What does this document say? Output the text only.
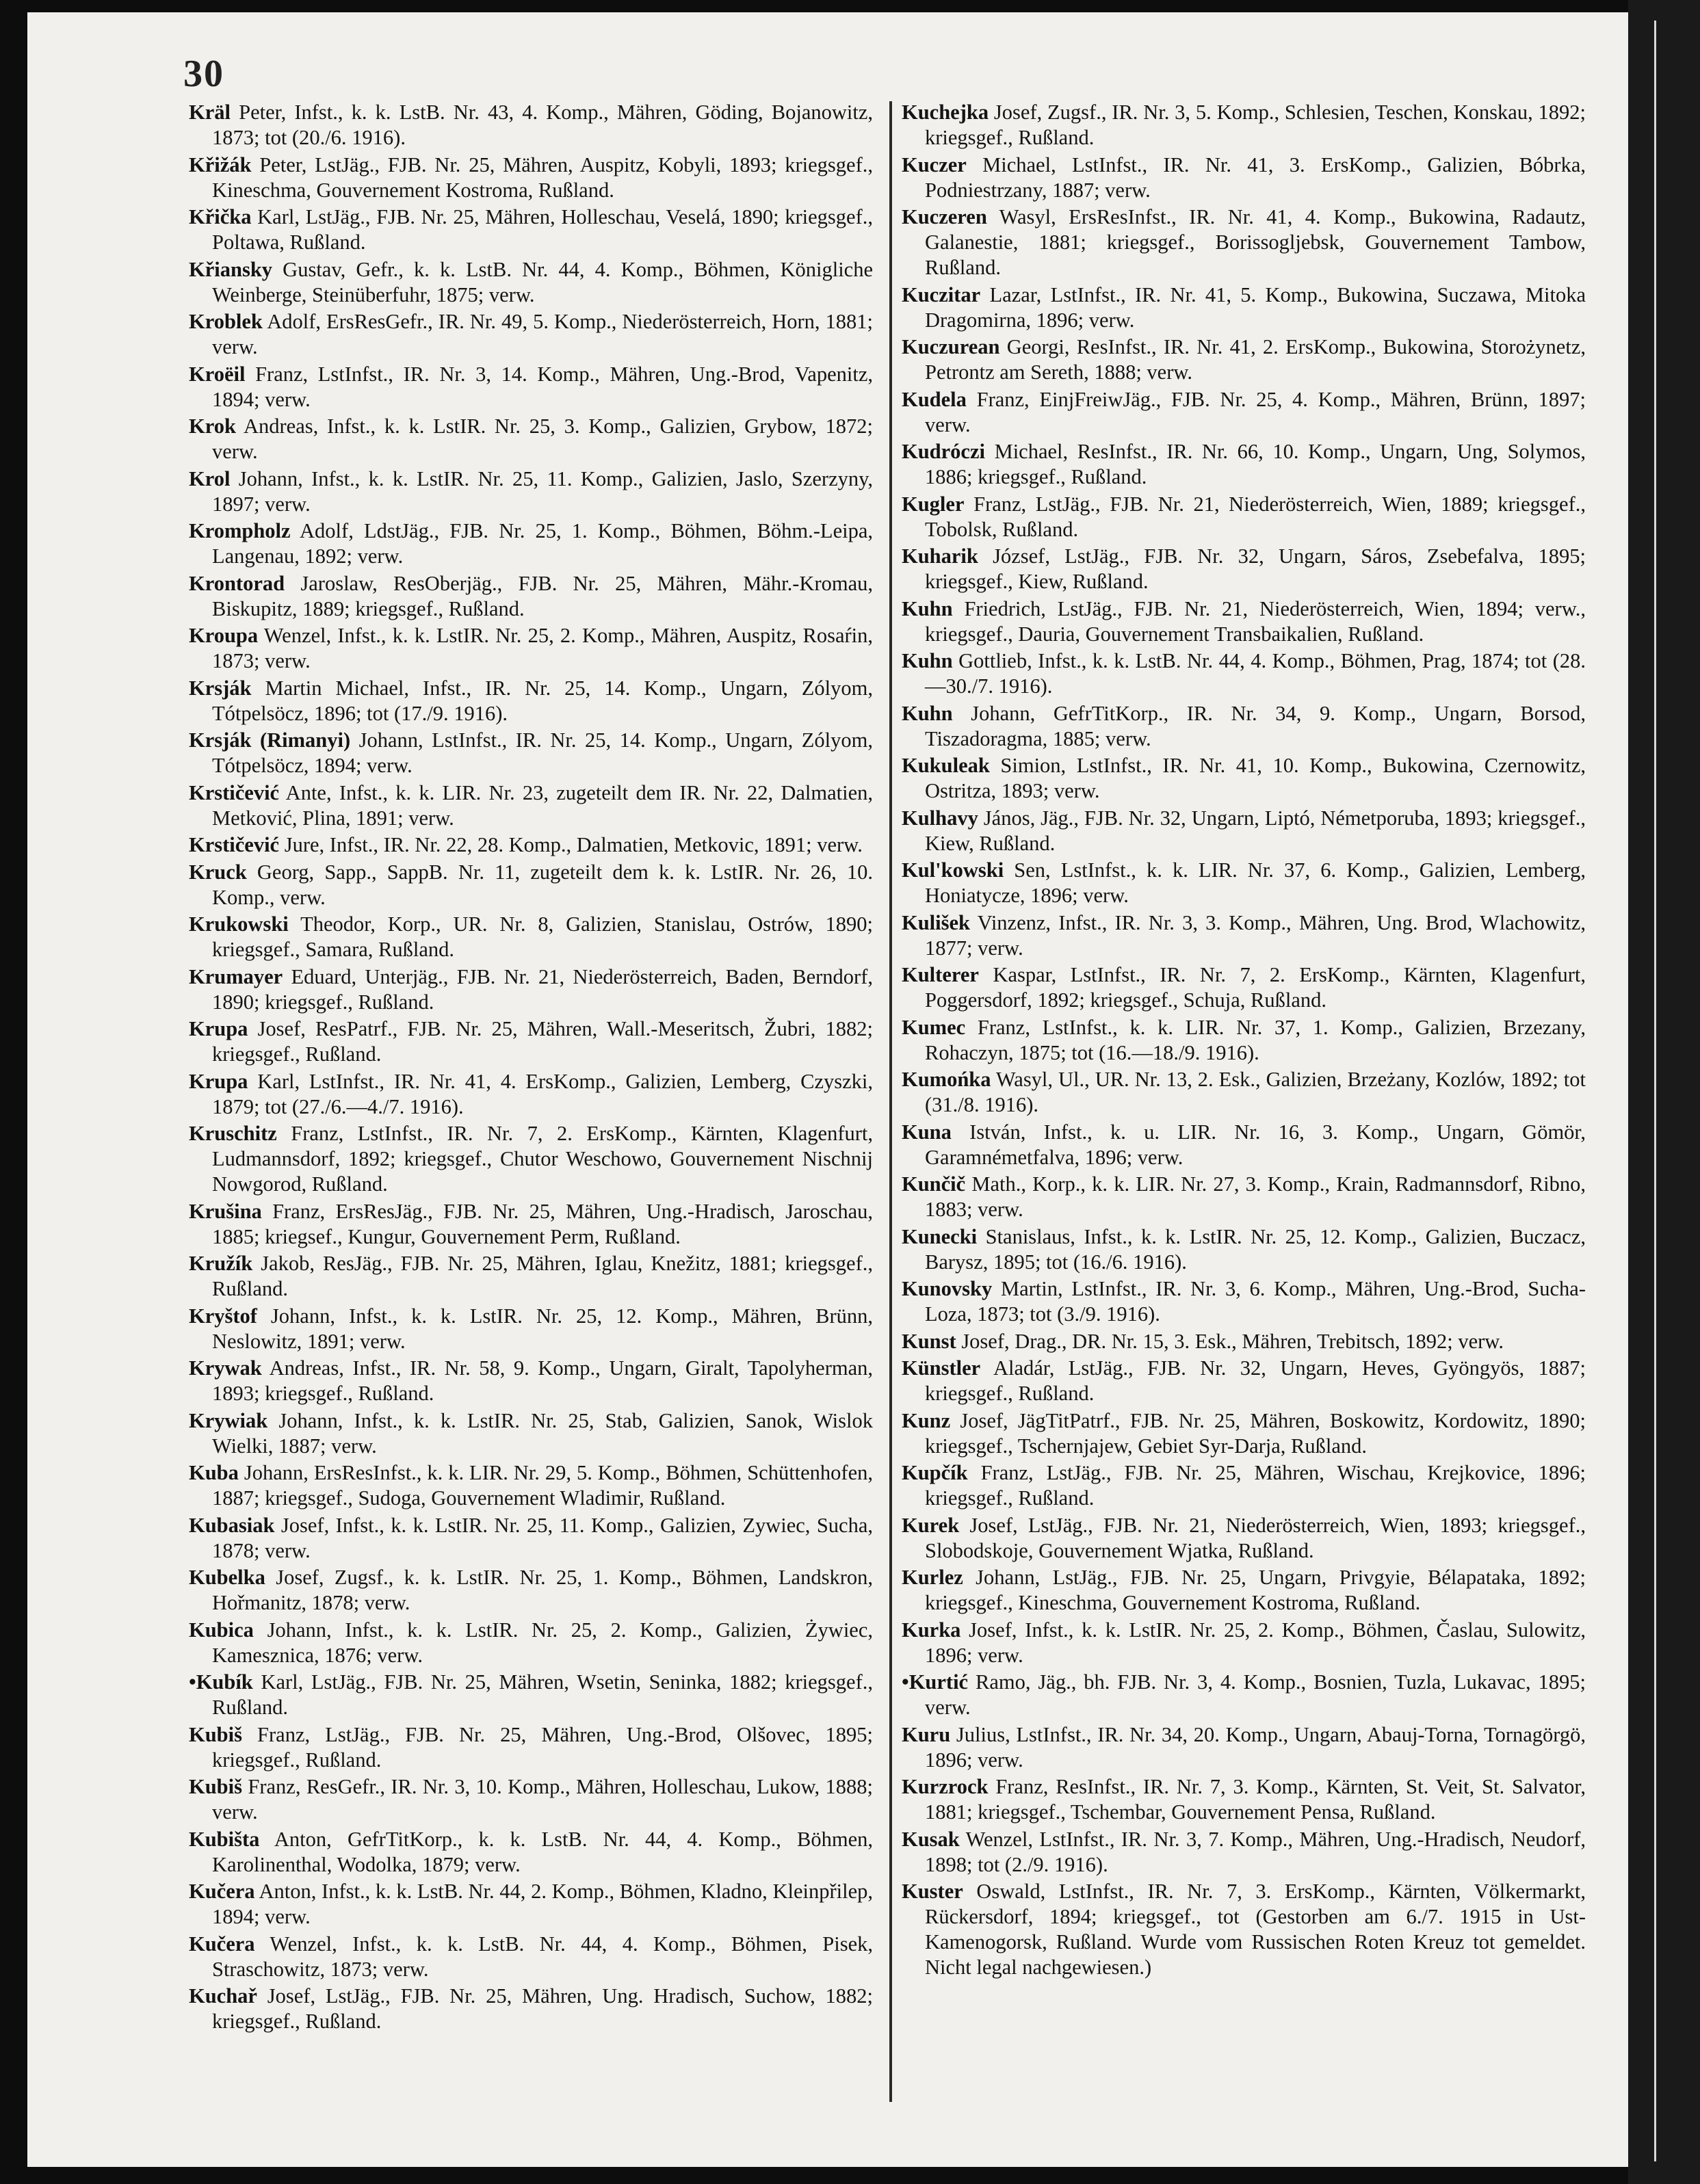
30

Kräl Peter, Infst., k. k. LstB. Nr. 43, 4. Komp., Mähren, Göding, Bojanowitz, 1873; tot (20./6. 1916).

Křižák Peter, LstJäg., FJB. Nr. 25, Mähren, Auspitz, Kobyli, 1893; kriegsgef., Kineschma, Gouvernement Kostroma, Rußland.

Křička Karl, LstJäg., FJB. Nr. 25, Mähren, Holleschau, Veselá, 1890; kriegsgef., Poltawa, Rußland.

Křiansky Gustav, Gefr., k. k. LstB. Nr. 44, 4. Komp., Böhmen, Königliche Weinberge, Steinüberfuhr, 1875; verw.

Kroblek Adolf, ErsResGefr., IR. Nr. 49, 5. Komp., Niederösterreich, Horn, 1881; verw.

Kroëil Franz, LstInfst., IR. Nr. 3, 14. Komp., Mähren, Ung.-Brod, Vapenitz, 1894; verw.

Krok Andreas, Infst., k. k. LstIR. Nr. 25, 3. Komp., Galizien, Grybow, 1872; verw.

Krol Johann, Infst., k. k. LstIR. Nr. 25, 11. Komp., Galizien, Jaslo, Szerzyny, 1897; verw.

Krompholz Adolf, LdstJäg., FJB. Nr. 25, 1. Komp., Böhmen, Böhm.-Leipa, Langenau, 1892; verw.

Krontorad Jaroslaw, ResOberjäg., FJB. Nr. 25, Mähren, Mähr.-Kromau, Biskupitz, 1889; kriegsgef., Rußland.

Kroupa Wenzel, Infst., k. k. LstIR. Nr. 25, 2. Komp., Mähren, Auspitz, Rosaŕin, 1873; verw.

Krsják Martin Michael, Infst., IR. Nr. 25, 14. Komp., Ungarn, Zólyom, Tótpelsöcz, 1896; tot (17./9. 1916).

Krsják (Rimanyi) Johann, LstInfst., IR. Nr. 25, 14. Komp., Ungarn, Zólyom, Tótpelsöcz, 1894; verw.

Krstičević Ante, Infst., k. k. LIR. Nr. 23, zugeteilt dem IR. Nr. 22, Dalmatien, Metković, Plina, 1891; verw.

Krstičević Jure, Infst., IR. Nr. 22, 28. Komp., Dalmatien, Metkovic, 1891; verw.

Kruck Georg, Sapp., SappB. Nr. 11, zugeteilt dem k. k. LstIR. Nr. 26, 10. Komp., verw.

Krukowski Theodor, Korp., UR. Nr. 8, Galizien, Stanislau, Ostrów, 1890; kriegsgef., Samara, Rußland.

Krumayer Eduard, Unterjäg., FJB. Nr. 21, Niederösterreich, Baden, Berndorf, 1890; kriegsgef., Rußland.

Krupa Josef, ResPatrf., FJB. Nr. 25, Mähren, Wall.-Meseritsch, Žubri, 1882; kriegsgef., Rußland.

Krupa Karl, LstInfst., IR. Nr. 41, 4. ErsKomp., Galizien, Lemberg, Czyszki, 1879; tot (27./6.—4./7. 1916).

Kruschitz Franz, LstInfst., IR. Nr. 7, 2. ErsKomp., Kärnten, Klagenfurt, Ludmannsdorf, 1892; kriegsgef., Chutor Weschowo, Gouvernement Nischnij Nowgorod, Rußland.

Krušina Franz, ErsResJäg., FJB. Nr. 25, Mähren, Ung.-Hradisch, Jaroschau, 1885; kriegsef., Kungur, Gouvernement Perm, Rußland.

Kružík Jakob, ResJäg., FJB. Nr. 25, Mähren, Iglau, Knežitz, 1881; kriegsgef., Rußland.

Kryštof Johann, Infst., k. k. LstIR. Nr. 25, 12. Komp., Mähren, Brünn, Neslowitz, 1891; verw.

Krywak Andreas, Infst., IR. Nr. 58, 9. Komp., Ungarn, Giralt, Tapolyherman, 1893; kriegsgef., Rußland.

Krywiak Johann, Infst., k. k. LstIR. Nr. 25, Stab, Galizien, Sanok, Wislok Wielki, 1887; verw.

Kuba Johann, ErsResInfst., k. k. LIR. Nr. 29, 5. Komp., Böhmen, Schüttenhofen, 1887; kriegsgef., Sudoga, Gouvernement Wladimir, Rußland.

Kubasiak Josef, Infst., k. k. LstIR. Nr. 25, 11. Komp., Galizien, Zywiec, Sucha, 1878; verw.

Kubelka Josef, Zugsf., k. k. LstIR. Nr. 25, 1. Komp., Böhmen, Landskron, Hořmanitz, 1878; verw.

Kubica Johann, Infst., k. k. LstIR. Nr. 25, 2. Komp., Galizien, Żywiec, Kamesznica, 1876; verw.

•Kubík Karl, LstJäg., FJB. Nr. 25, Mähren, Wsetin, Seninka, 1882; kriegsgef., Rußland.

Kubiš Franz, LstJäg., FJB. Nr. 25, Mähren, Ung.-Brod, Olšovec, 1895; kriegsgef., Rußland.

Kubiš Franz, ResGefr., IR. Nr. 3, 10. Komp., Mähren, Holleschau, Lukow, 1888; verw.

Kubišta Anton, GefrTitKorp., k. k. LstB. Nr. 44, 4. Komp., Böhmen, Karolinenthal, Wodolka, 1879; verw.

Kučera Anton, Infst., k. k. LstB. Nr. 44, 2. Komp., Böhmen, Kladno, Kleinpřilep, 1894; verw.

Kučera Wenzel, Infst., k. k. LstB. Nr. 44, 4. Komp., Böhmen, Pisek, Straschowitz, 1873; verw.

Kuchař Josef, LstJäg., FJB. Nr. 25, Mähren, Ung. Hradisch, Suchow, 1882; kriegsgef., Rußland.

Kuchejka Josef, Zugsf., IR. Nr. 3, 5. Komp., Schlesien, Teschen, Konskau, 1892; kriegsgef., Rußland.

Kuczer Michael, LstInfst., IR. Nr. 41, 3. ErsKomp., Galizien, Bóbrka, Podniestrzany, 1887; verw.

Kuczeren Wasyl, ErsResInfst., IR. Nr. 41, 4. Komp., Bukowina, Radautz, Galanestie, 1881; kriegsgef., Borissogljebsk, Gouvernement Tambow, Rußland.

Kuczitar Lazar, LstInfst., IR. Nr. 41, 5. Komp., Bukowina, Suczawa, Mitoka Dragomirna, 1896; verw.

Kuczurean Georgi, ResInfst., IR. Nr. 41, 2. ErsKomp., Bukowina, Storożynetz, Petrontz am Sereth, 1888; verw.

Kudela Franz, EinjFreiwJäg., FJB. Nr. 25, 4. Komp., Mähren, Brünn, 1897; verw.

Kudróczi Michael, ResInfst., IR. Nr. 66, 10. Komp., Ungarn, Ung, Solymos, 1886; kriegsgef., Rußland.

Kugler Franz, LstJäg., FJB. Nr. 21, Niederösterreich, Wien, 1889; kriegsgef., Tobolsk, Rußland.

Kuharik József, LstJäg., FJB. Nr. 32, Ungarn, Sáros, Zsebefalva, 1895; kriegsgef., Kiew, Rußland.

Kuhn Friedrich, LstJäg., FJB. Nr. 21, Niederösterreich, Wien, 1894; verw., kriegsgef., Dauria, Gouvernement Transbaikalien, Rußland.

Kuhn Gottlieb, Infst., k. k. LstB. Nr. 44, 4. Komp., Böhmen, Prag, 1874; tot (28.—30./7. 1916).

Kuhn Johann, GefrTitKorp., IR. Nr. 34, 9. Komp., Ungarn, Borsod, Tiszadoragma, 1885; verw.

Kukuleak Simion, LstInfst., IR. Nr. 41, 10. Komp., Bukowina, Czernowitz, Ostritza, 1893; verw.

Kulhavy János, Jäg., FJB. Nr. 32, Ungarn, Liptó, Németporuba, 1893; kriegsgef., Kiew, Rußland.

Kul'kowski Sen, LstInfst., k. k. LIR. Nr. 37, 6. Komp., Galizien, Lemberg, Honiatycze, 1896; verw.

Kulišek Vinzenz, Infst., IR. Nr. 3, 3. Komp., Mähren, Ung. Brod, Wlachowitz, 1877; verw.

Kulterer Kaspar, LstInfst., IR. Nr. 7, 2. ErsKomp., Kärnten, Klagenfurt, Poggersdorf, 1892; kriegsgef., Schuja, Rußland.

Kumec Franz, LstInfst., k. k. LIR. Nr. 37, 1. Komp., Galizien, Brzezany, Rohaczyn, 1875; tot (16.—18./9. 1916).

Kumońka Wasyl, Ul., UR. Nr. 13, 2. Esk., Galizien, Brzeżany, Kozlów, 1892; tot (31./8. 1916).

Kuna István, Infst., k. u. LIR. Nr. 16, 3. Komp., Ungarn, Gömör, Garamnémetfalva, 1896; verw.

Kunčič Math., Korp., k. k. LIR. Nr. 27, 3. Komp., Krain, Radmannsdorf, Ribno, 1883; verw.

Kunecki Stanislaus, Infst., k. k. LstIR. Nr. 25, 12. Komp., Galizien, Buczacz, Barysz, 1895; tot (16./6. 1916).

Kunovsky Martin, LstInfst., IR. Nr. 3, 6. Komp., Mähren, Ung.-Brod, Sucha-Loza, 1873; tot (3./9. 1916).

Kunst Josef, Drag., DR. Nr. 15, 3. Esk., Mähren, Trebitsch, 1892; verw.

Künstler Aladár, LstJäg., FJB. Nr. 32, Ungarn, Heves, Gyöngyös, 1887; kriegsgef., Rußland.

Kunz Josef, JägTitPatrf., FJB. Nr. 25, Mähren, Boskowitz, Kordowitz, 1890; kriegsgef., Tschernjajew, Gebiet Syr-Darja, Rußland.

Kupčík Franz, LstJäg., FJB. Nr. 25, Mähren, Wischau, Krejkovice, 1896; kriegsgef., Rußland.

Kurek Josef, LstJäg., FJB. Nr. 21, Niederösterreich, Wien, 1893; kriegsgef., Slobodskoje, Gouvernement Wjatka, Rußland.

Kurlez Johann, LstJäg., FJB. Nr. 25, Ungarn, Privgyie, Bélapataka, 1892; kriegsgef., Kineschma, Gouvernement Kostroma, Rußland.

Kurka Josef, Infst., k. k. LstIR. Nr. 25, 2. Komp., Böhmen, Časlau, Sulowitz, 1896; verw.

•Kurtić Ramo, Jäg., bh. FJB. Nr. 3, 4. Komp., Bosnien, Tuzla, Lukavac, 1895; verw.

Kuru Julius, LstInfst., IR. Nr. 34, 20. Komp., Ungarn, Abauj-Torna, Tornagörgö, 1896; verw.

Kurzrock Franz, ResInfst., IR. Nr. 7, 3. Komp., Kärnten, St. Veit, St. Salvator, 1881; kriegsgef., Tschembar, Gouvernement Pensa, Rußland.

Kusak Wenzel, LstInfst., IR. Nr. 3, 7. Komp., Mähren, Ung.-Hradisch, Neudorf, 1898; tot (2./9. 1916).

Kuster Oswald, LstInfst., IR. Nr. 7, 3. ErsKomp., Kärnten, Völkermarkt, Rückersdorf, 1894; kriegsgef., tot (Gestorben am 6./7. 1915 in Ust-Kamenogorsk, Rußland. Wurde vom Russischen Roten Kreuz tot gemeldet. Nicht legal nachgewiesen.)
